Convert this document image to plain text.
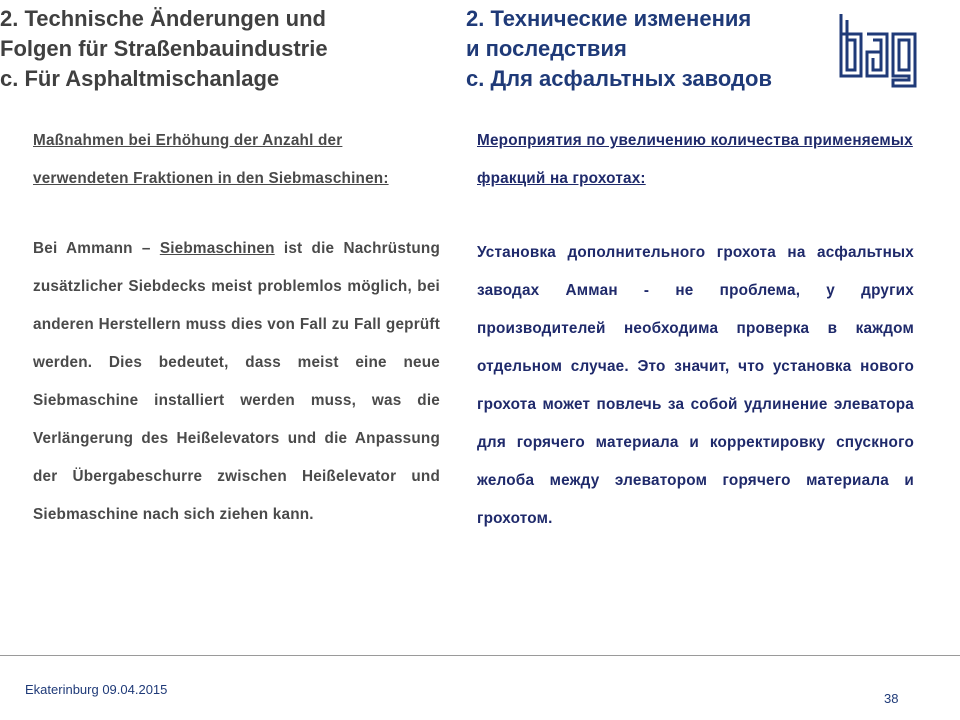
2. Technische Änderungen und
Folgen für Straßenbauindustrie
c. Für Asphaltmischanlage
2. Технические изменения
и последствия
с. Для асфальтных заводов

Maßnahmen bei Erhöhung der Anzahl der verwendeten Fraktionen in den Siebmaschinen:

Bei Ammann – Siebmaschinen ist die Nachrüstung zusätzlicher Siebdecks meist problemlos möglich, bei anderen Herstellern muss dies von Fall zu Fall geprüft werden. Dies bedeutet, dass meist eine neue Siebmaschine installiert werden muss, was die Verlängerung des Heißelevators und die Anpassung der Übergabeschurre zwischen Heißelevator und Siebmaschine nach sich ziehen kann.

Мероприятия по увеличению количества применяемых фракций на грохотах:

Установка дополнительного грохота на асфальтных заводах Амман - не проблема, у других производителей необходима проверка в каждом отдельном случае. Это значит, что установка нового грохота может повлечь за собой удлинение элеватора для горячего материала и корректировку спускного желоба между элеватором горячего материала и грохотом.

Ekaterinburg 09.04.2015
38
